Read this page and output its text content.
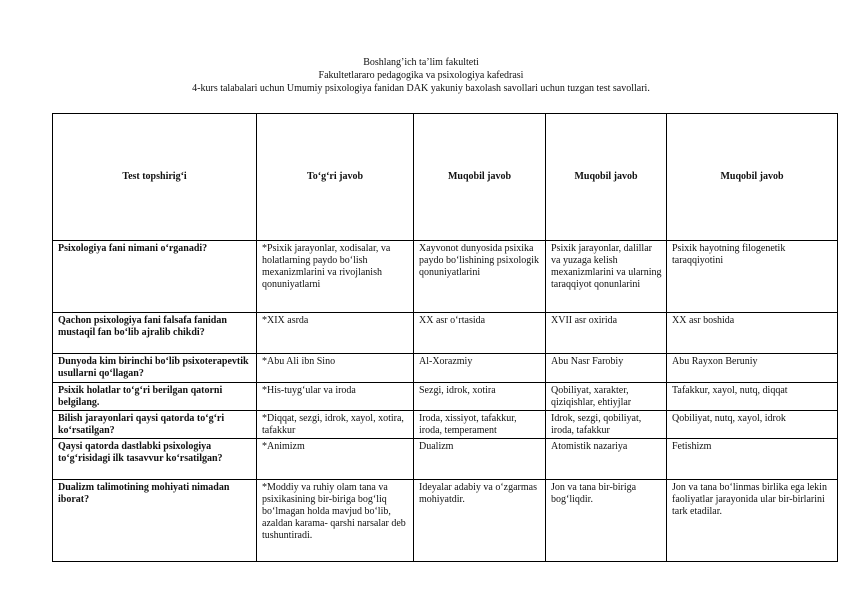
Boshlang’ich ta’lim fakulteti
Fakultetlararo pedagogika va psixologiya kafedrasi
4-kurs talabalari uchun Umumiy psixologiya fanidan DAK yakuniy baxolash savollari uchun tuzgan test savollari.
Test topshirig‘i	To‘g‘ri javob	Muqobil javob	Muqobil javob	Muqobil javob
Psixologiya fani nimani o‘rganadi?	*Psixik jarayonlar, xodisalar, va holatlarning paydo bo‘lish mexanizmlarini va rivojlanish qonuniyatlarni	Xayvonot dunyosida psixika paydo bo‘lishining psixologik qonuniyatlarini	Psixik jarayonlar, dalillar va yuzaga kelish mexanizmlarini va ularning taraqqiyot qonunlarini	Psixik hayotning filogenetik taraqqiyotini
Qachon psixologiya fani falsafa fanidan mustaqil fan bo‘lib ajralib chikdi?	*XIX asrda	XX asr o‘rtasida	XVII asr oxirida	XX asr boshida
Dunyoda kim birinchi bo‘lib psixoterapevtik usullarni qo‘llagan?	*Abu Ali ibn Sino	Al-Xorazmiy	Abu Nasr Farobiy	Abu Rayxon Beruniy
Psixik holatlar to‘g‘ri berilgan qatorni belgilang.	*His-tuyg‘ular va iroda	Sezgi, idrok, xotira	Qobiliyat, xarakter, qiziqishlar, ehtiyjlar	Tafakkur, xayol, nutq, diqqat
Bilish jarayonlari qaysi qatorda to‘g‘ri ko‘rsatilgan?	*Diqqat, sezgi, idrok, xayol, xotira, tafakkur	Iroda, xissiyot, tafakkur, iroda, temperament	Idrok, sezgi, qobiliyat, iroda, tafakkur	Qobiliyat, nutq, xayol, idrok
Qaysi qatorda dastlabki psixologiya to‘g‘risidagi ilk tasavvur ko‘rsatilgan?	*Animizm	Dualizm	Atomistik nazariya	Fetishizm
Dualizm talimotining mohiyati nimadan iborat?	*Moddiy va ruhiy olam tana va psixikasining bir-biriga bog‘liq bo‘lmagan holda mavjud bo‘lib, azaldan karama- qarshi narsalar deb tushuntiradi.	Ideyalar adabiy va o‘zgarmas mohiyatdir.	Jon va tana bir-biriga bog‘liqdir.	Jon va tana bo‘linmas birlika ega lekin faoliyatlar jarayonida ular bir-birlarini tark etadilar.
